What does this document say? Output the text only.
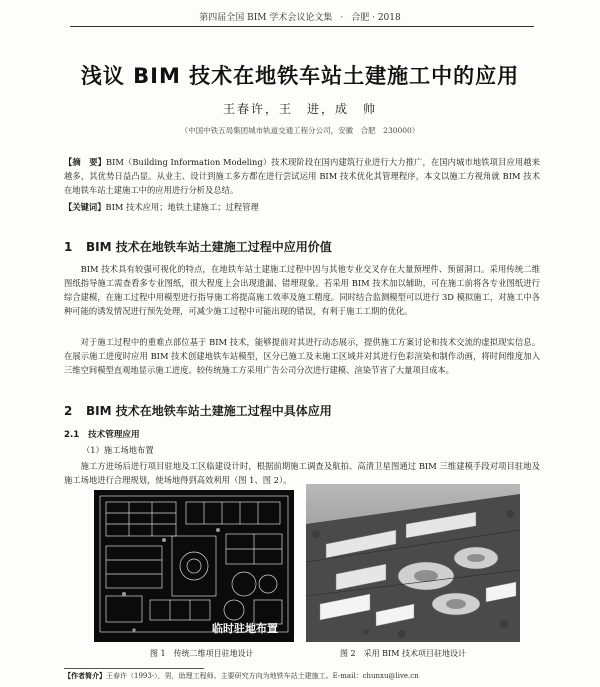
第四届全国 BIM 学术会议论文集 · 合肥 · 2018
浅议 BIM 技术在地铁车站土建施工中的应用
王春许，王　进，成　帅
（中国中铁五局集团城市轨道交通工程分公司，安徽　合肥　230000）
【摘　要】BIM（Building Information Modeling）技术现阶段在国内建筑行业进行大力推广，在国内城市地铁项目应用越来越多，其优势日益凸显。从业主、设计到施工多方都在进行尝试运用 BIM 技术优化其管理程序，本文以施工方视角就 BIM 技术在地铁车站土建施工中的应用进行分析及总结。
【关键词】BIM 技术应用；地铁土建施工；过程管理
1 BIM 技术在地铁车站土建施工过程中应用价值
BIM 技术具有较强可视化的特点，在地铁车站土建施工过程中因与其他专业交叉存在大量预埋件、预留洞口。采用传统二维图纸指导施工需查看多专业图纸，很大程度上会出现遗漏、错埋现象。若采用 BIM 技术加以辅助，可在施工前将各专业图纸进行综合建模，在施工过程中用模型进行指导施工将提高施工效率及施工精度。同时结合监测模型可以进行 3D 模拟施工，对施工中各种可能的诱发情况进行预先处理，可减少施工过程中可能出现的错误，有利于施工工期的优化。
对于施工过程中的重难点部位基于 BIM 技术，能够提前对其进行动态展示，提供施工方案讨论和技术交流的虚拟现实信息。在展示施工进度时应用 BIM 技术创建地铁车站模型，区分已施工及未施工区域并对其进行色彩渲染和制作动画，将时间维度加入三维空间模型直观地显示施工进度。较传统施工方采用广告公司分次进行建模、渲染节省了大量项目成本。
2 BIM 技术在地铁车站土建施工过程中具体应用
2.1 技术管理应用
（1）施工场地布置
施工方进场后进行项目驻地及工区临建设计时，根据前期施工调查及航拍、高清卫星图通过 BIM 三维建模手段对项目驻地及施工场地进行合理规划，使场地得到高效利用（图 1、图 2）。
临时驻地布置
图 1　传统二维项目驻地设计	图 2　采用 BIM 技术项目驻地设计
【作者简介】王春许（1993-），男，助理工程师。主要研究方向为地铁车站土建施工。E-mail：chunxu@live.cn
